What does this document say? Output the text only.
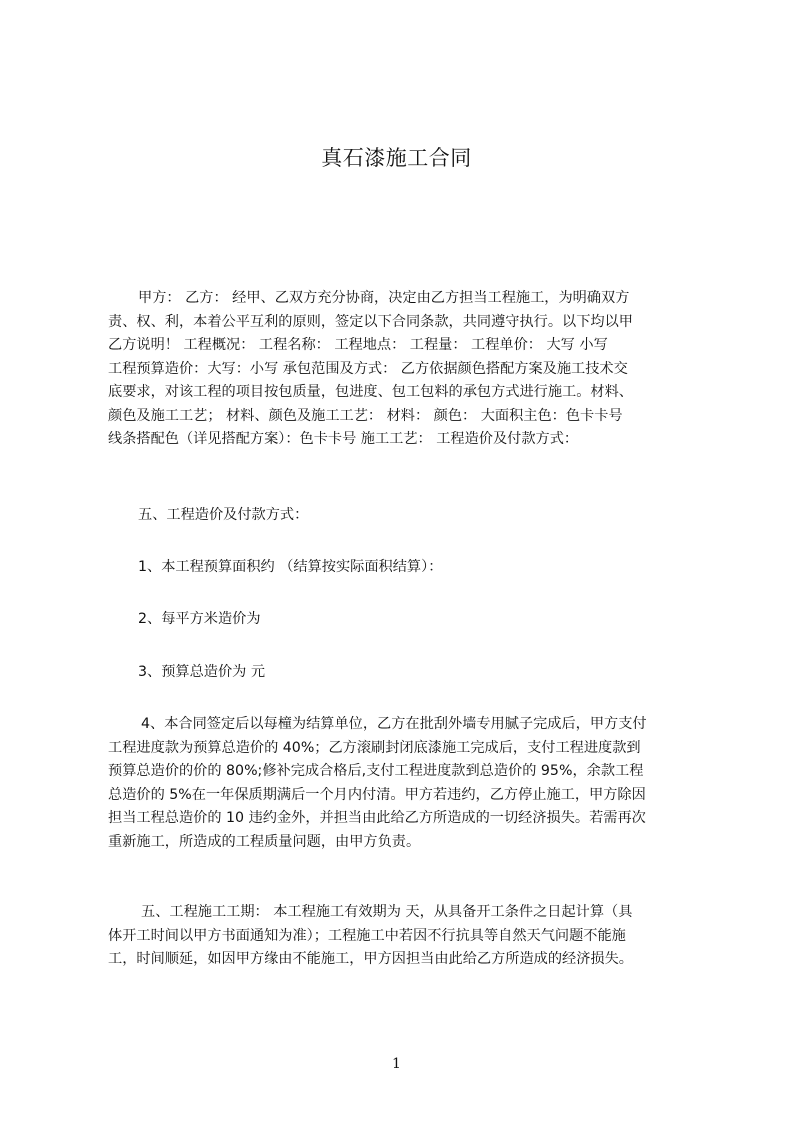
真石漆施工合同
甲方： 乙方： 经甲、乙双方充分协商，决定由乙方担当工程施工，为明确双方
责、权、利，本着公平互利的原则，签定以下合同条款，共同遵守执行。以下均以甲
乙方说明！ 工程概况： 工程名称： 工程地点： 工程量： 工程单价： 大写 小写
工程预算造价：大写：小写 承包范围及方式： 乙方依据颜色搭配方案及施工技术交
底要求，对该工程的项目按包质量，包进度、包工包料的承包方式进行施工。材料、
颜色及施工工艺； 材料、颜色及施工工艺： 材料： 颜色： 大面积主色：色卡卡号
线条搭配色（详见搭配方案）：色卡卡号 施工工艺： 工程造价及付款方式：
五、工程造价及付款方式：
1、本工程预算面积约 （结算按实际面积结算）：
2、每平方米造价为
3、预算总造价为 元
4、本合同签定后以每橦为结算单位，乙方在批刮外墙专用腻子完成后，甲方支付
工程进度款为预算总造价的 40%；乙方滚刷封闭底漆施工完成后，支付工程进度款到
预算总造价的价的 80%;修补完成合格后,支付工程进度款到总造价的 95%，余款工程
总造价的 5%在一年保质期满后一个月内付清。甲方若违约，乙方停止施工，甲方除因
担当工程总造价的 10 违约金外，并担当由此给乙方所造成的一切经济损失。若需再次
重新施工，所造成的工程质量问题，由甲方负责。
五、工程施工工期： 本工程施工有效期为 天，从具备开工条件之日起计算（具
体开工时间以甲方书面通知为准）；工程施工中若因不行抗具等自然天气问题不能施
工，时间顺延，如因甲方缘由不能施工，甲方因担当由此给乙方所造成的经济损失。
1
